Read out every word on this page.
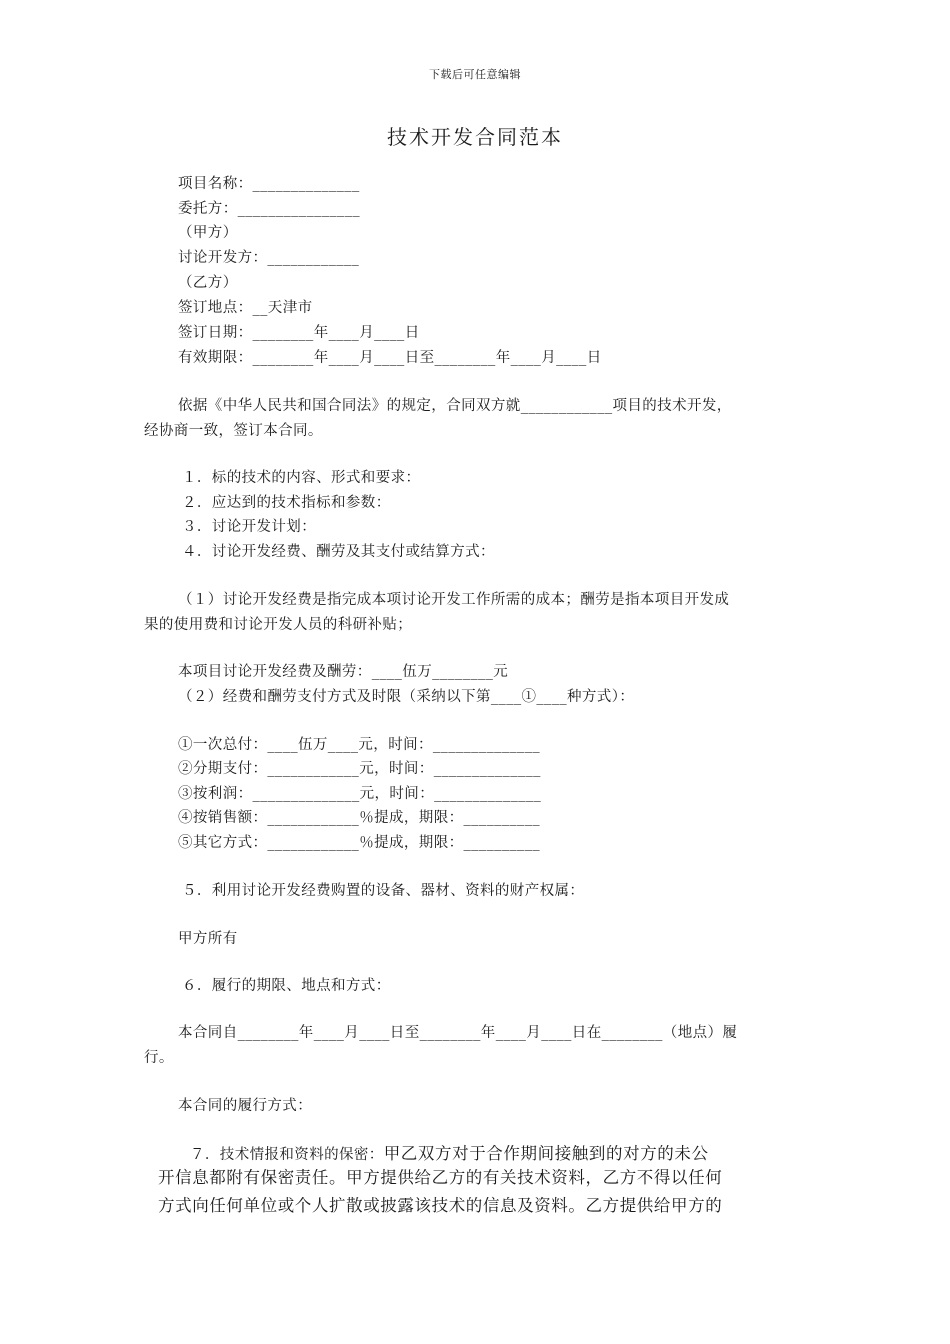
下载后可任意编辑
技术开发合同范本
项目名称：______________
委托方：________________
（甲方）
讨论开发方：____________
（乙方）
签订地点：__天津市
签订日期：________年____月____日
有效期限：________年____月____日至________年____月____日
依据《中华人民共和国合同法》的规定，合同双方就____________项目的技术开发，
经协商一致，签订本合同。
１．标的技术的内容、形式和要求：
２．应达到的技术指标和参数：
３．讨论开发计划：
４．讨论开发经费、酬劳及其支付或结算方式：
（１）讨论开发经费是指完成本项讨论开发工作所需的成本；酬劳是指本项目开发成
果的使用费和讨论开发人员的科研补贴；
本项目讨论开发经费及酬劳：____伍万________元
（２）经费和酬劳支付方式及时限（采纳以下第____①____种方式）：
①一次总付：____伍万____元，时间：______________
②分期支付：____________元，时间：______________
③按利润：______________元，时间：______________
④按销售额：____________％提成，期限：__________
⑤其它方式：____________％提成，期限：__________
５．利用讨论开发经费购置的设备、器材、资料的财产权属：
甲方所有
６．履行的期限、地点和方式：
本合同自________年____月____日至________年____月____日在________（地点）履
行。
本合同的履行方式：
７．技术情报和资料的保密：甲乙双方对于合作期间接触到的对方的未公
开信息都附有保密责任。甲方提供给乙方的有关技术资料，乙方不得以任何
方式向任何单位或个人扩散或披露该技术的信息及资料。乙方提供给甲方的
